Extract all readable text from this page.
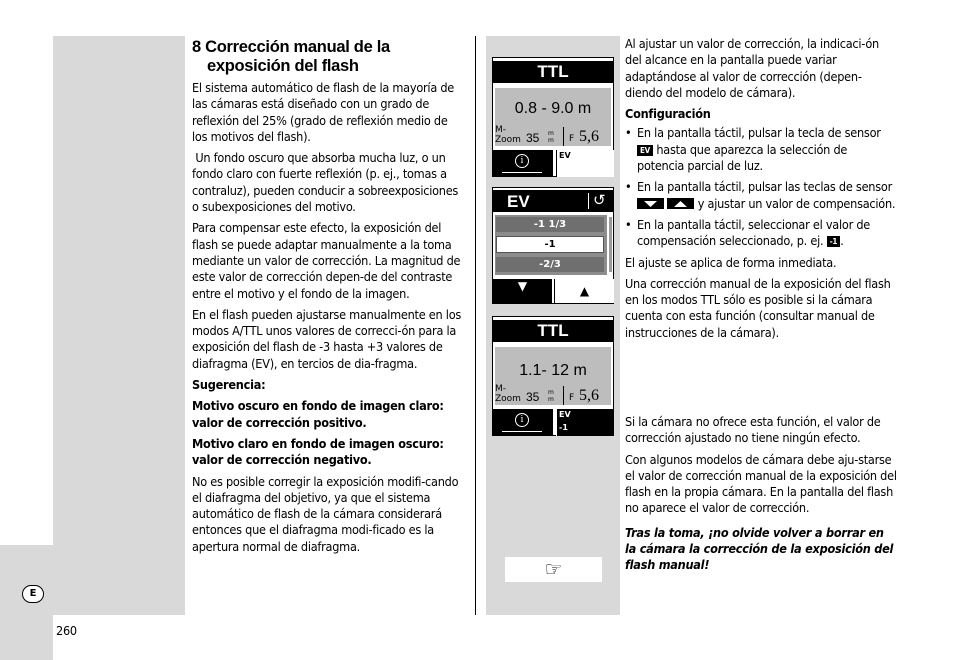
E
260
8 Corrección manual de la
exposición del flash

El sistema automático de flash de la mayoría de las cámaras está diseñado con un grado de reflexión del 25% (grado de reflexión medio de los motivos del flash).

Un fondo oscuro que absorba mucha luz, o un fondo claro con fuerte reflexión (p. ej., tomas a contraluz), pueden conducir a sobreexposiciones o subexposiciones del motivo.

Para compensar este efecto, la exposición del flash se puede adaptar manualmente a la toma mediante un valor de corrección. La magnitud de este valor de corrección depen-de del contraste entre el motivo y el fondo de la imagen.

En el flash pueden ajustarse manualmente en los modos A/TTL unos valores de correcci-ón para la exposición del flash de -3 hasta +3 valores de diafragma (EV), en tercios de dia-fragma.

Sugerencia:

Motivo oscuro en fondo de imagen claro: valor de corrección positivo.

Motivo claro en fondo de imagen oscuro: valor de corrección negativo.

No es posible corregir la exposición modifi-cando el diafragma del objetivo, ya que el sistema automático de flash de la cámara considerará entonces que el diafragma modi-ficado es la apertura normal de diafragma.

TTL
0.8 - 9.0 m
M-
Zoom 35 m
m F 5,6
i
EV
EV	↺
-1 1/3
-1
-2/3
▼	▲
TTL
1.1- 12 m
M-
Zoom 35 m
m F 5,6
i
EV
-1
☞

Al ajustar un valor de corrección, la indicaci-ón del alcance en la pantalla puede variar adaptándose al valor de corrección (depen-diendo del modelo de cámara).

Configuración

• En la pantalla táctil, pulsar la tecla de sensor EV hasta que aparezca la selección de potencia parcial de luz.
• En la pantalla táctil, pulsar las teclas de sensor

y ajustar un valor de compensación.
• En la pantalla táctil, seleccionar el valor de compensación seleccionado, p. ej. -1 .

El ajuste se aplica de forma inmediata.

Una corrección manual de la exposición del flash en los modos TTL sólo es posible si la cámara cuenta con esta función (consultar manual de instrucciones de la cámara).

Si la cámara no ofrece esta función, el valor de corrección ajustado no tiene ningún efecto.

Con algunos modelos de cámara debe aju-starse el valor de corrección manual de la exposición del flash en la propia cámara. En la pantalla del flash no aparece el valor de corrección.

Tras la toma, ¡no olvide volver a borrar en la cámara la corrección de la exposición del flash manual!
